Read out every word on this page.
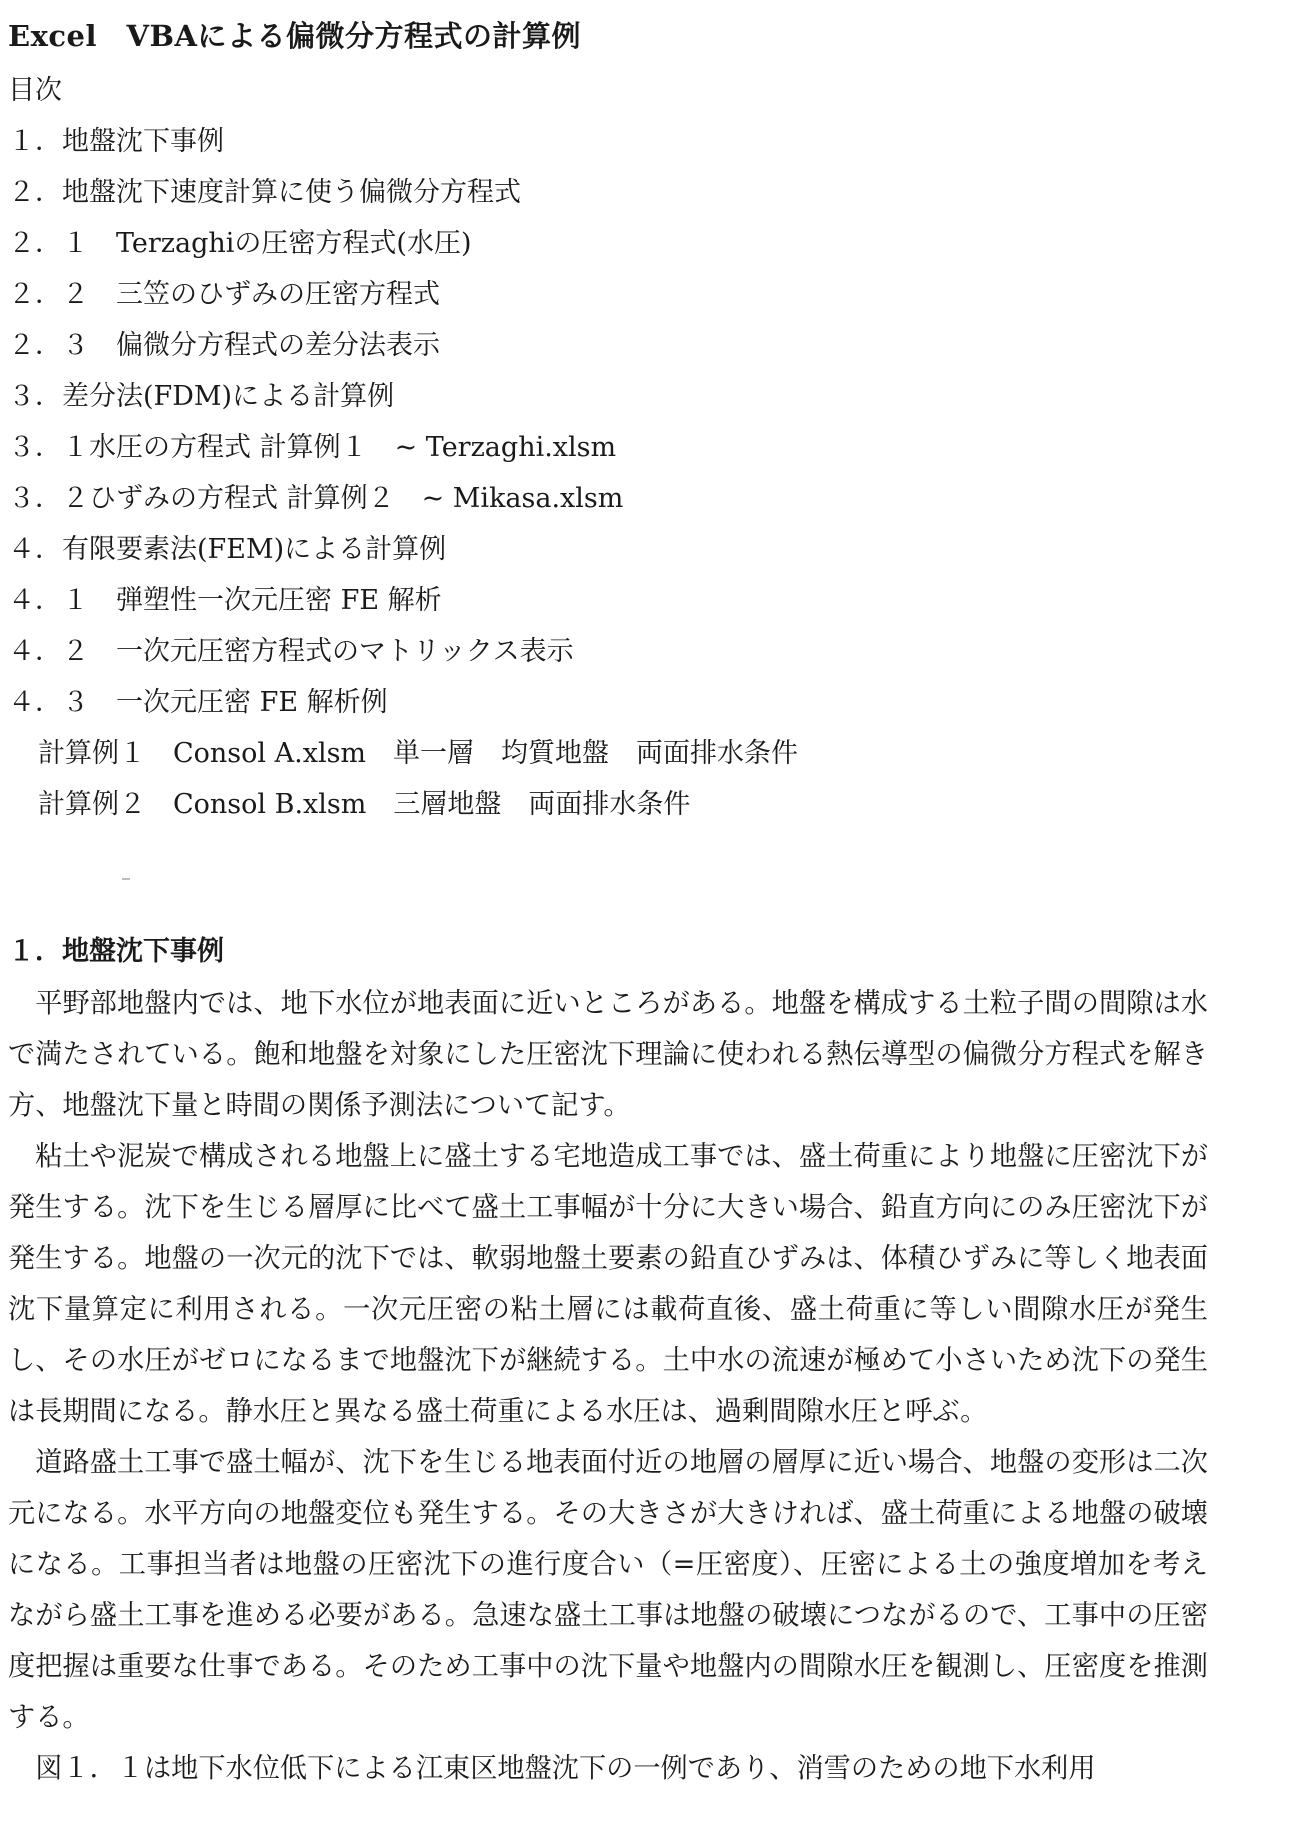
Excel　VBAによる偏微分方程式の計算例
目次
１．地盤沈下事例
２．地盤沈下速度計算に使う偏微分方程式
２．１　Terzaghiの圧密方程式(水圧)
２．２　三笠のひずみの圧密方程式
２．３　偏微分方程式の差分法表示
３．差分法(FDM)による計算例
３．１水圧の方程式 計算例１　~ Terzaghi.xlsm
３．２ひずみの方程式 計算例２　~ Mikasa.xlsm
４．有限要素法(FEM)による計算例
４．１　弾塑性一次元圧密 FE 解析
４．２　一次元圧密方程式のマトリックス表示
４．３　一次元圧密 FE 解析例
計算例１　Consol A.xlsm　単一層　均質地盤　両面排水条件
計算例２　Consol B.xlsm　三層地盤　両面排水条件
１．地盤沈下事例

平野部地盤内では、地下水位が地表面に近いところがある。地盤を構成する土粒子間の間隙は水で満たされている。飽和地盤を対象にした圧密沈下理論に使われる熱伝導型の偏微分方程式を解き方、地盤沈下量と時間の関係予測法について記す。

粘土や泥炭で構成される地盤上に盛土する宅地造成工事では、盛土荷重により地盤に圧密沈下が発生する。沈下を生じる層厚に比べて盛土工事幅が十分に大きい場合、鉛直方向にのみ圧密沈下が発生する。地盤の一次元的沈下では、軟弱地盤土要素の鉛直ひずみは、体積ひずみに等しく地表面沈下量算定に利用される。一次元圧密の粘土層には載荷直後、盛土荷重に等しい間隙水圧が発生し、その水圧がゼロになるまで地盤沈下が継続する。土中水の流速が極めて小さいため沈下の発生は長期間になる。静水圧と異なる盛土荷重による水圧は、過剰間隙水圧と呼ぶ。

道路盛土工事で盛土幅が、沈下を生じる地表面付近の地層の層厚に近い場合、地盤の変形は二次元になる。水平方向の地盤変位も発生する。その大きさが大きければ、盛土荷重による地盤の破壊になる。工事担当者は地盤の圧密沈下の進行度合い（=圧密度）、圧密による土の強度増加を考えながら盛土工事を進める必要がある。急速な盛土工事は地盤の破壊につながるので、工事中の圧密度把握は重要な仕事である。そのため工事中の沈下量や地盤内の間隙水圧を観測し、圧密度を推測する。

図１．１は地下水位低下による江東区地盤沈下の一例であり、消雪のための地下水利用
